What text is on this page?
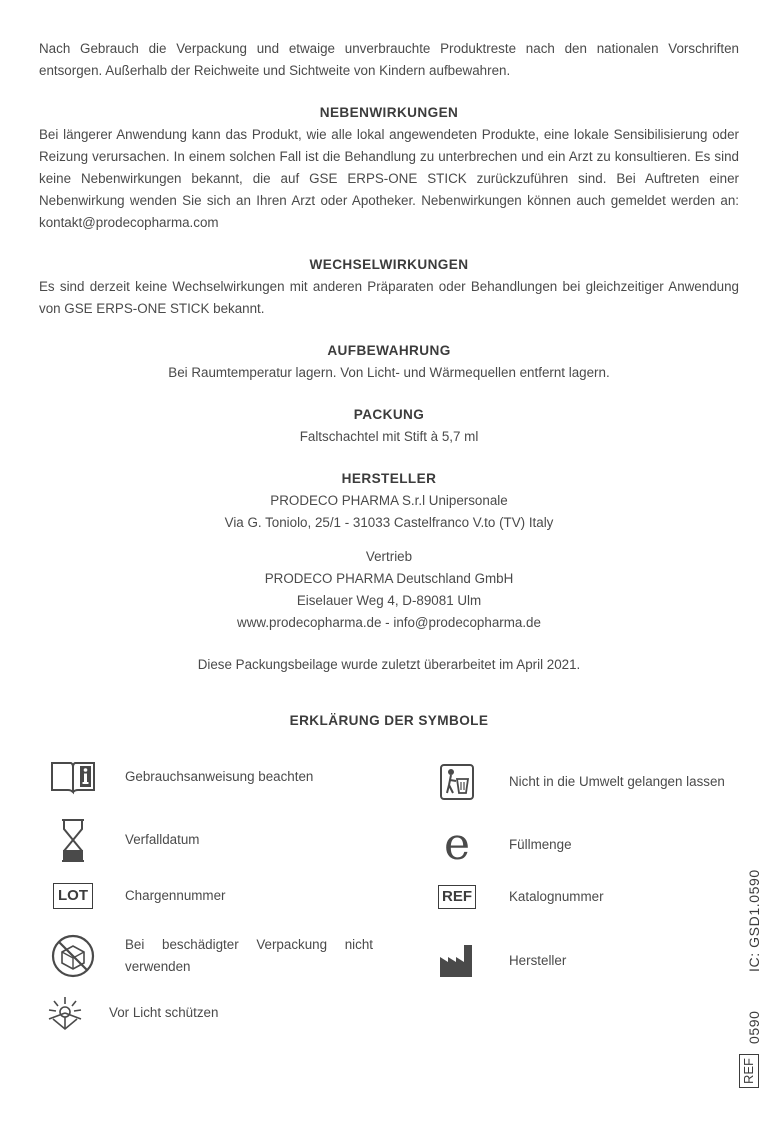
Nach Gebrauch die Verpackung und etwaige unverbrauchte Produktreste nach den nationalen Vorschriften entsorgen. Außerhalb der Reichweite und Sichtweite von Kindern aufbewahren.

NEBENWIRKUNGEN

Bei längerer Anwendung kann das Produkt, wie alle lokal angewendeten Produkte, eine lokale Sensibilisierung oder Reizung verursachen. In einem solchen Fall ist die Behandlung zu unterbrechen und ein Arzt zu konsultieren. Es sind keine Nebenwirkungen bekannt, die auf GSE ERPS-ONE STICK zurückzuführen sind. Bei Auftreten einer Nebenwirkung wenden Sie sich an Ihren Arzt oder Apotheker. Nebenwirkungen können auch gemeldet werden an: kontakt@prodecopharma.com

WECHSELWIRKUNGEN

Es sind derzeit keine Wechselwirkungen mit anderen Präparaten oder Behandlungen bei gleichzeitiger Anwendung von GSE ERPS-ONE STICK bekannt.

AUFBEWAHRUNG

Bei Raumtemperatur lagern. Von Licht- und Wärmequellen entfernt lagern.

PACKUNG

Faltschachtel mit Stift à 5,7 ml

HERSTELLER

PRODECO PHARMA S.r.l Unipersonale

Via G. Toniolo, 25/1 - 31033 Castelfranco V.to (TV) Italy

Vertrieb

PRODECO PHARMA Deutschland GmbH

Eiselauer Weg 4, D-89081 Ulm

www.prodecopharma.de - info@prodecopharma.de

Diese Packungsbeilage wurde zuletzt überarbeitet im April 2021.

ERKLÄRUNG DER SYMBOLE

Gebrauchsanweisung beachten
Verfalldatum
LOT	Chargennummer
Bei beschädigter Verpackung nicht verwenden
Vor Licht schützen
Nicht in die Umwelt gelangen lassen
e	Füllmenge
REF	Katalognummer
Hersteller	IC: GSD1.0590
0590
REF
